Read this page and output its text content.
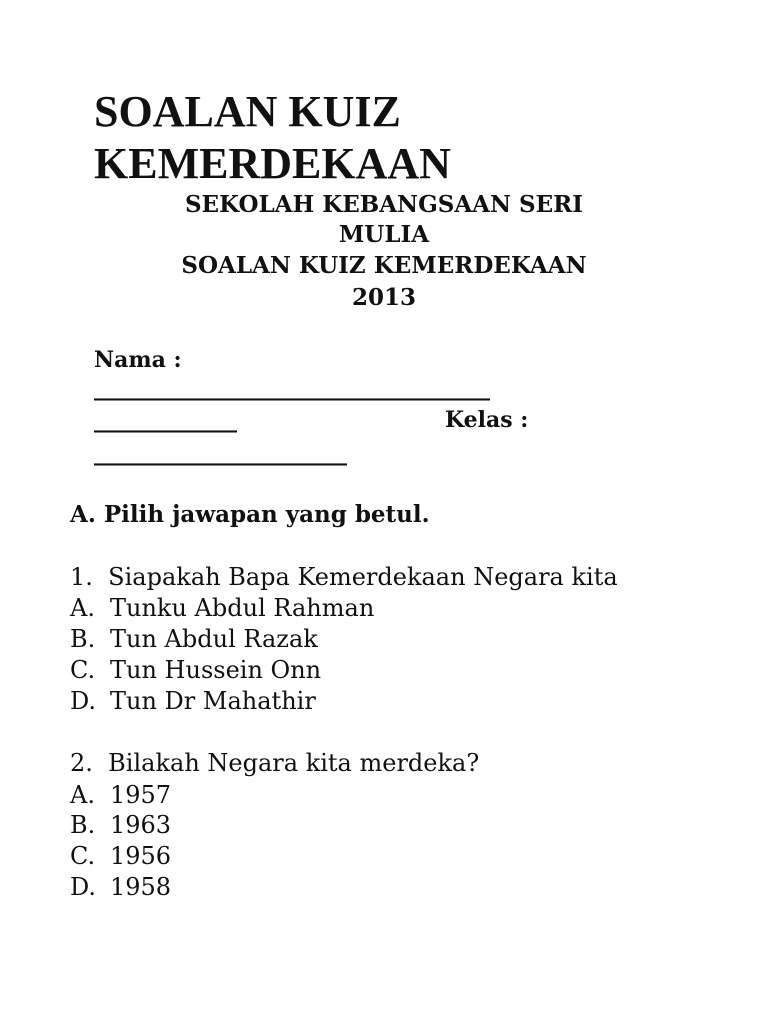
SOALAN KUIZ
KEMERDEKAAN
SEKOLAH KEBANGSAAN SERI
MULIA
SOALAN KUIZ KEMERDEKAAN
2013
Nama :
____________________________________
_____________	Kelas :
_______________________
A. Pilih jawapan yang betul.
1. Siapakah Bapa Kemerdekaan Negara kita
A. Tunku Abdul Rahman
B. Tun Abdul Razak
C. Tun Hussein Onn
D. Tun Dr Mahathir
2. Bilakah Negara kita merdeka?
A. 1957
B. 1963
C. 1956
D. 1958
